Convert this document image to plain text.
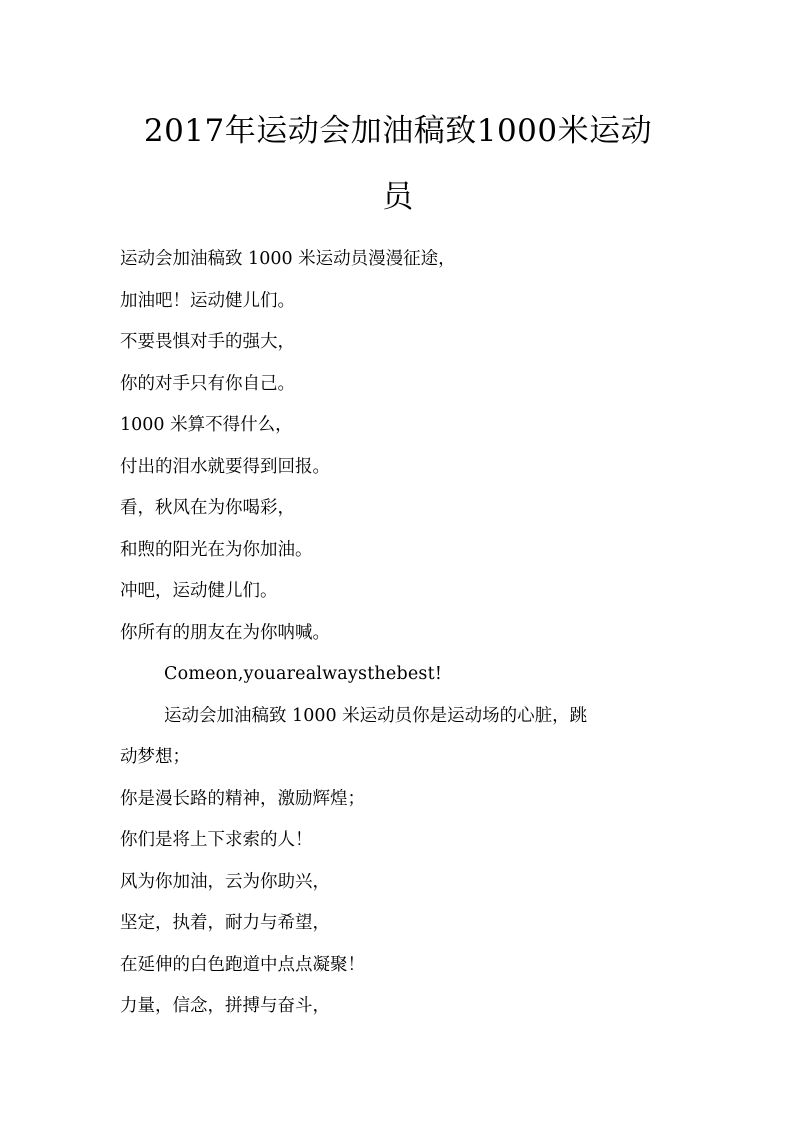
2017年运动会加油稿致1000米运动
员
运动会加油稿致 1000 米运动员漫漫征途，
加油吧！运动健儿们。
不要畏惧对手的强大，
你的对手只有你自己。
1000 米算不得什么，
付出的泪水就要得到回报。
看，秋风在为你喝彩，
和煦的阳光在为你加油。
冲吧，运动健儿们。
你所有的朋友在为你呐喊。
Comeon,youarealwaysthebest!
运动会加油稿致 1000 米运动员你是运动场的心脏，跳
动梦想；
你是漫长路的精神，激励辉煌；
你们是将上下求索的人！
风为你加油，云为你助兴，
坚定，执着，耐力与希望，
在延伸的白色跑道中点点凝聚！
力量，信念，拼搏与奋斗，
